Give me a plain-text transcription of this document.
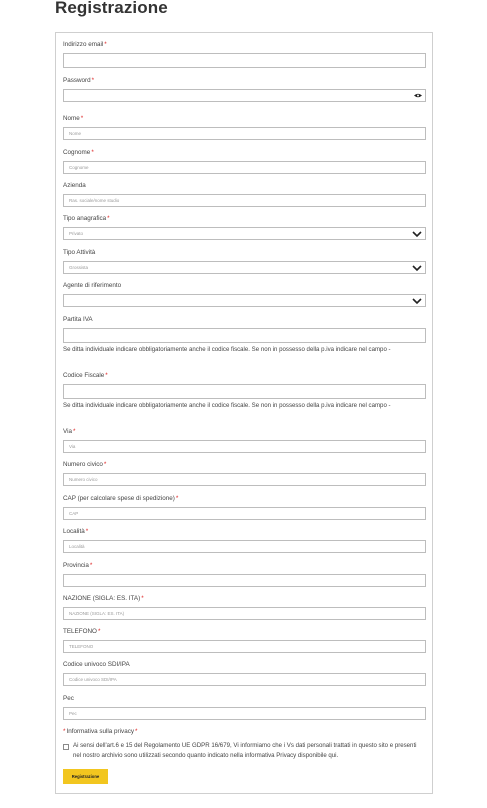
Registrazione
Indirizzo email*
Password*
Nome*
Nome
Cognome*
Cognome
Azienda
Ras. sociale/nome studio
Tipo anagrafica*
Privato
Tipo Attività
Grossista
Agente di riferimento
Partita IVA
Se ditta individuale indicare obbligatoriamente anche il codice fiscale. Se non in possesso della p.iva indicare nel campo -
Codice Fiscale*
Se ditta individuale indicare obbligatoriamente anche il codice fiscale. Se non in possesso della p.iva indicare nel campo -
Via*
Via
Numero civico*
Numero civico
CAP (per calcolare spese di spedizione)*
CAP
Località*
Località
Provincia*
NAZIONE (SIGLA: ES. ITA)*
NAZIONE (SIGLA: ES. ITA)
TELEFONO*
TELEFONO
Codice univoco SDI/IPA
Codice univoco SDI/IPA
Pec
Pec
*Informativa sulla privacy*
Ai sensi dell'art.6 e 15 del Regolamento UE GDPR 16/679, Vi informiamo che i Vs dati personali trattati in questo sito e presenti nel nostro archivio sono utilizzati secondo quanto indicato nella informativa Privacy disponibile qui.
Registrazione
